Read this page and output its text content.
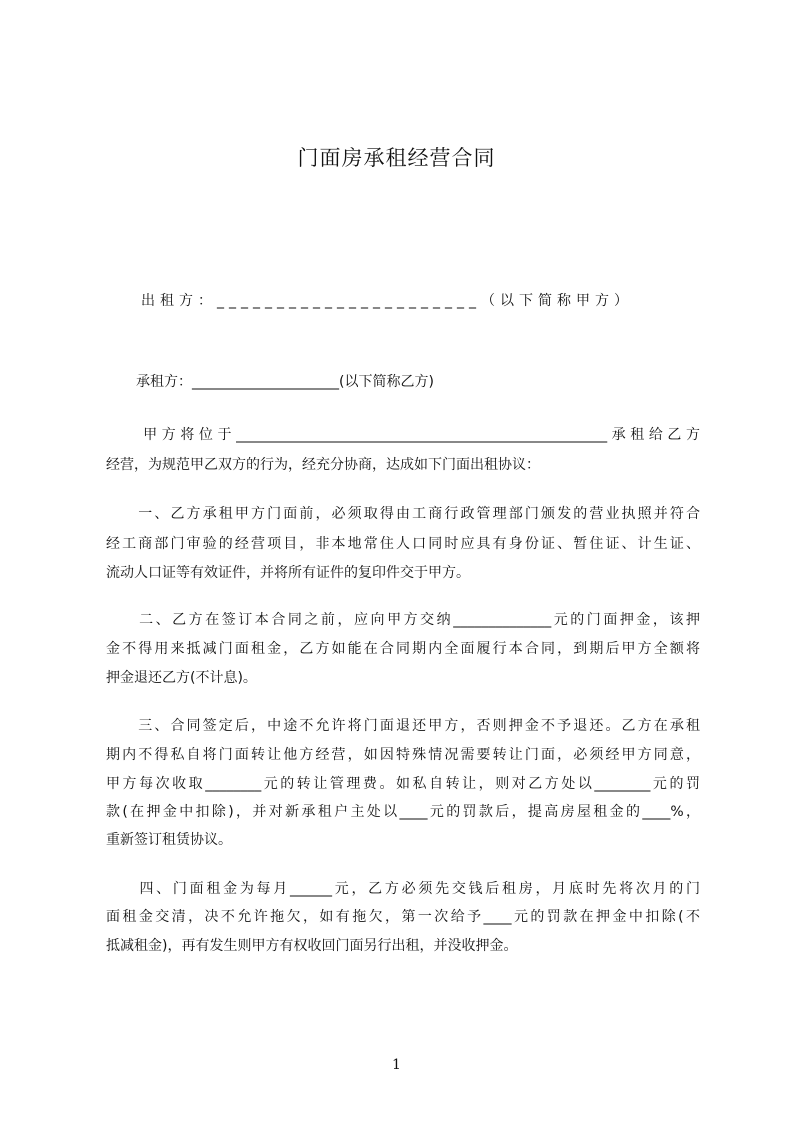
门面房承租经营合同
出租方：______________________（以下简称甲方）
承租方：_____________________(以下简称乙方)
　　甲方将位于_____________________________________________________承租给乙方
经营，为规范甲乙双方的行为，经充分协商，达成如下门面出租协议：
　　一、乙方承租甲方门面前，必须取得由工商行政管理部门颁发的营业执照并符合
经工商部门审验的经营项目，非本地常住人口同时应具有身份证、暂住证、计生证、
流动人口证等有效证件，并将所有证件的复印件交于甲方。
　　二、乙方在签订本合同之前，应向甲方交纳______________元的门面押金，该押
金不得用来抵减门面租金，乙方如能在合同期内全面履行本合同，到期后甲方全额将
押金退还乙方(不计息)。
　　三、合同签定后，中途不允许将门面退还甲方，否则押金不予退还。乙方在承租
期内不得私自将门面转让他方经营，如因特殊情况需要转让门面，必须经甲方同意，
甲方每次收取________元的转让管理费。如私自转让，则对乙方处以________元的罚
款(在押金中扣除)，并对新承租户主处以____元的罚款后，提高房屋租金的____%，
重新签订租赁协议。
　　四、门面租金为每月______元，乙方必须先交钱后租房，月底时先将次月的门
面租金交清，决不允许拖欠，如有拖欠，第一次给予____元的罚款在押金中扣除(不
抵减租金)，再有发生则甲方有权收回门面另行出租，并没收押金。
1
